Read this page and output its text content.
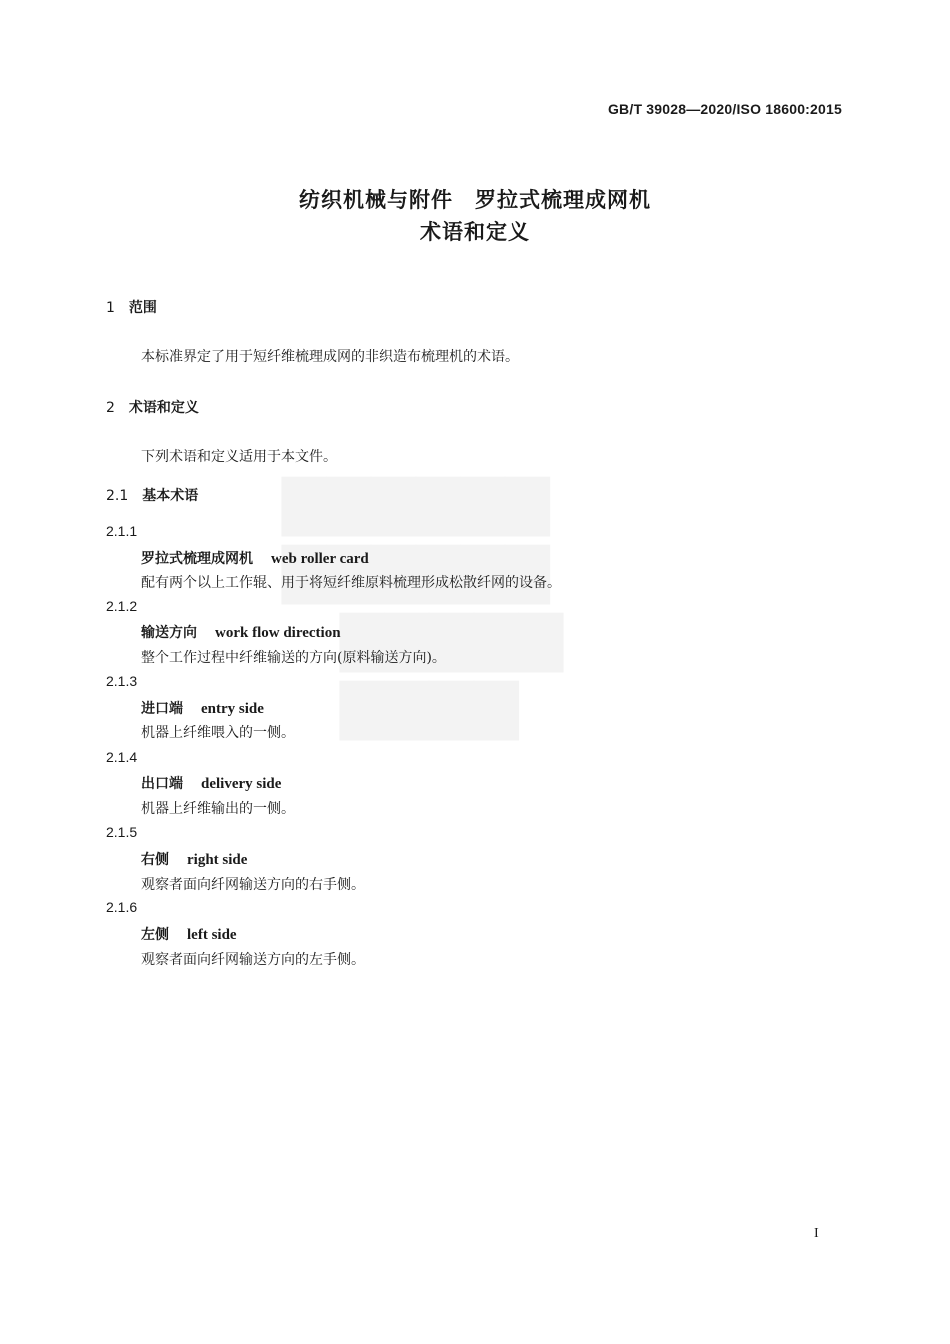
GB/T 39028—2020/ISO 18600:2015
纺织机械与附件　罗拉式梳理成网机
术语和定义
1 范围
本标准界定了用于短纤维梳理成网的非织造布梳理机的术语。
2 术语和定义
下列术语和定义适用于本文件。
2.1 基本术语
2.1.1
罗拉式梳理成网机 web roller card
配有两个以上工作辊、用于将短纤维原料梳理形成松散纤网的设备。
2.1.2
输送方向 work flow direction
整个工作过程中纤维输送的方向(原料输送方向)。
2.1.3
进口端 entry side
机器上纤维喂入的一侧。
2.1.4
出口端 delivery side
机器上纤维输出的一侧。
2.1.5
右侧 right side
观察者面向纤网输送方向的右手侧。
2.1.6
左侧 left side
观察者面向纤网输送方向的左手侧。
I
